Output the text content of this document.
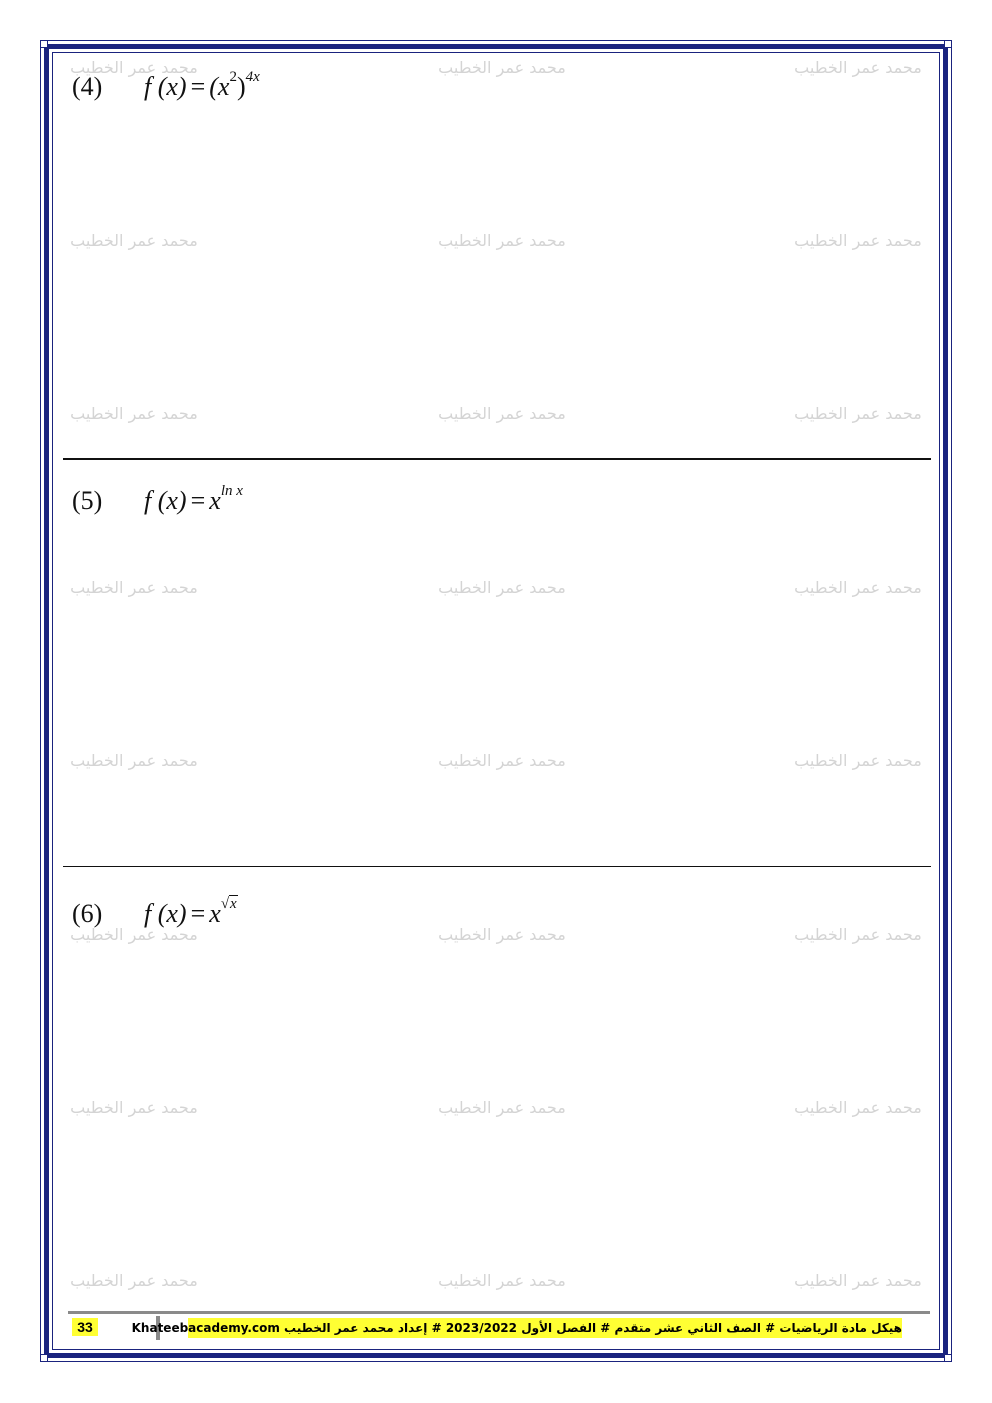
محمد عمر الخطيب	محمد عمر الخطيب	محمد عمر الخطيب
محمد عمر الخطيب	محمد عمر الخطيب	محمد عمر الخطيب
محمد عمر الخطيب	محمد عمر الخطيب	محمد عمر الخطيب
محمد عمر الخطيب	محمد عمر الخطيب	محمد عمر الخطيب
محمد عمر الخطيب	محمد عمر الخطيب	محمد عمر الخطيب
محمد عمر الخطيب	محمد عمر الخطيب	محمد عمر الخطيب
محمد عمر الخطيب	محمد عمر الخطيب	محمد عمر الخطيب
محمد عمر الخطيب	محمد عمر الخطيب	محمد عمر الخطيب
(4) f $(x) = (x^2)^{4x}$
(5) f $(x) = x^{ln x}$
(6) f $(x) = x^{√x}$
33	هيكل مادة الرياضيات # الصف الثاني عشر متقدم # الفصل الأول 2023/2022 # إعداد محمد عمر الخطيب Khateebacademy.com
